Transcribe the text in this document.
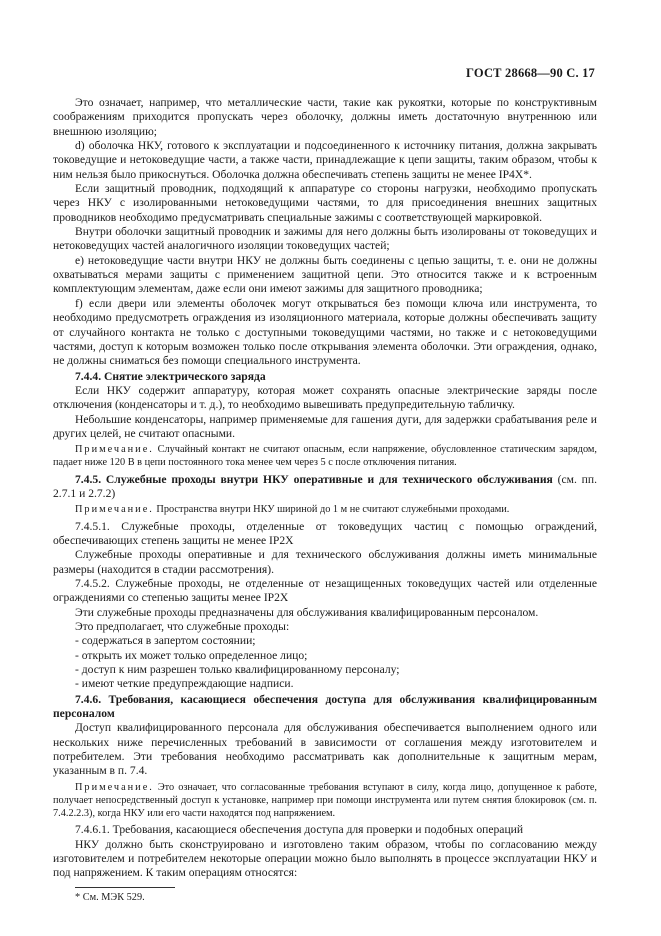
ГОСТ 28668—90 С. 17

Это означает, например, что металлические части, такие как рукоятки, которые по конструктивным соображениям приходится пропускать через оболочку, должны иметь достаточную внутреннюю или внешнюю изоляцию;

d) оболочка НКУ, готового к эксплуатации и подсоединенного к источнику питания, должна закрывать токоведущие и нетоковедущие части, а также части, принадлежащие к цепи защиты, таким образом, чтобы к ним нельзя было прикоснуться. Оболочка должна обеспечивать степень защиты не менее IP4X*.

Если защитный проводник, подходящий к аппаратуре со стороны нагрузки, необходимо пропускать через НКУ с изолированными нетоковедущими частями, то для присоединения внешних защитных проводников необходимо предусматривать специальные зажимы с соответствующей маркировкой.

Внутри оболочки защитный проводник и зажимы для него должны быть изолированы от токоведущих и нетоковедущих частей аналогичного изоляции токоведущих частей;

e) нетоковедущие части внутри НКУ не должны быть соединены с цепью защиты, т. е. они не должны охватываться мерами защиты с применением защитной цепи. Это относится также и к встроенным комплектующим элементам, даже если они имеют зажимы для защитного проводника;

f) если двери или элементы оболочек могут открываться без помощи ключа или инструмента, то необходимо предусмотреть ограждения из изоляционного материала, которые должны обеспечивать защиту от случайного контакта не только с доступными токоведущими частями, но также и с нетоковедущими частями, доступ к которым возможен только после открывания элемента оболочки. Эти ограждения, однако, не должны сниматься без помощи специального инструмента.

7.4.4. Снятие электрического заряда

Если НКУ содержит аппаратуру, которая может сохранять опасные электрические заряды после отключения (конденсаторы и т. д.), то необходимо вывешивать предупредительную табличку.

Небольшие конденсаторы, например применяемые для гашения дуги, для задержки срабатывания реле и других целей, не считают опасными.

Примечание. Случайный контакт не считают опасным, если напряжение, обусловленное статическим зарядом, падает ниже 120 В в цепи постоянного тока менее чем через 5 с после отключения питания.

7.4.5. Служебные проходы внутри НКУ оперативные и для технического обслуживания (см. пп. 2.7.1 и 2.7.2)

Примечание. Пространства внутри НКУ шириной до 1 м не считают служебными проходами.

7.4.5.1. Служебные проходы, отделенные от токоведущих частиц с помощью ограждений, обеспечивающих степень защиты не менее IP2X

Служебные проходы оперативные и для технического обслуживания должны иметь минимальные размеры (находится в стадии рассмотрения).

7.4.5.2. Служебные проходы, не отделенные от незащищенных токоведущих частей или отделенные ограждениями со степенью защиты менее IP2X

Эти служебные проходы предназначены для обслуживания квалифицированным персоналом.

Это предполагает, что служебные проходы:

- содержаться в запертом состоянии;

- открыть их может только определенное лицо;

- доступ к ним разрешен только квалифицированному персоналу;

- имеют четкие предупреждающие надписи.

7.4.6. Требования, касающиеся обеспечения доступа для обслуживания квалифицированным персоналом

Доступ квалифицированного персонала для обслуживания обеспечивается выполнением одного или нескольких ниже перечисленных требований в зависимости от соглашения между изготовителем и потребителем. Эти требования необходимо рассматривать как дополнительные к защитным мерам, указанным в п. 7.4.

Примечание. Это означает, что согласованные требования вступают в силу, когда лицо, допущенное к работе, получает непосредственный доступ к установке, например при помощи инструмента или путем снятия блокировок (см. п. 7.4.2.2.3), когда НКУ или его части находятся под напряжением.

7.4.6.1. Требования, касающиеся обеспечения доступа для проверки и подобных операций

НКУ должно быть сконструировано и изготовлено таким образом, чтобы по согласованию между изготовителем и потребителем некоторые операции можно было выполнять в процессе эксплуатации НКУ и под напряжением. К таким операциям относятся:

* См. МЭК 529.
